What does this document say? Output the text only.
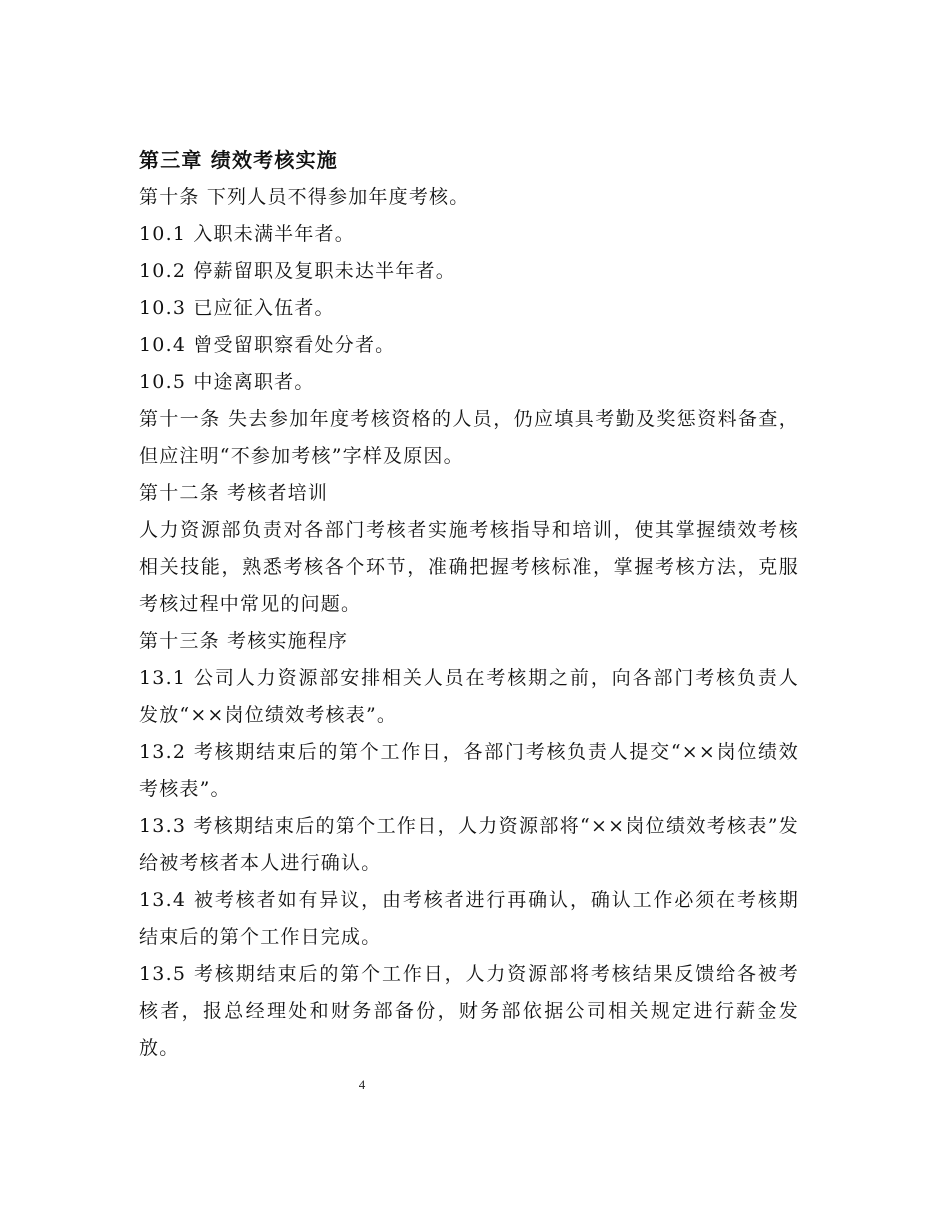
第三章 绩效考核实施

第十条 下列人员不得参加年度考核。

10.1 入职未满半年者。

10.2 停薪留职及复职未达半年者。

10.3 已应征入伍者。

10.4 曾受留职察看处分者。

10.5 中途离职者。

第十一条 失去参加年度考核资格的人员，仍应填具考勤及奖惩资料备查，但应注明“不参加考核”字样及原因。

第十二条 考核者培训

人力资源部负责对各部门考核者实施考核指导和培训，使其掌握绩效考核相关技能，熟悉考核各个环节，准确把握考核标准，掌握考核方法，克服考核过程中常见的问题。

第十三条 考核实施程序

13.1 公司人力资源部安排相关人员在考核期之前，向各部门考核负责人发放“××岗位绩效考核表”。

13.2 考核期结束后的第个工作日，各部门考核负责人提交“××岗位绩效考核表”。

13.3 考核期结束后的第个工作日，人力资源部将“××岗位绩效考核表”发给被考核者本人进行确认。

13.4 被考核者如有异议，由考核者进行再确认，确认工作必须在考核期结束后的第个工作日完成。

13.5 考核期结束后的第个工作日，人力资源部将考核结果反馈给各被考核者，报总经理处和财务部备份，财务部依据公司相关规定进行薪金发放。

4
